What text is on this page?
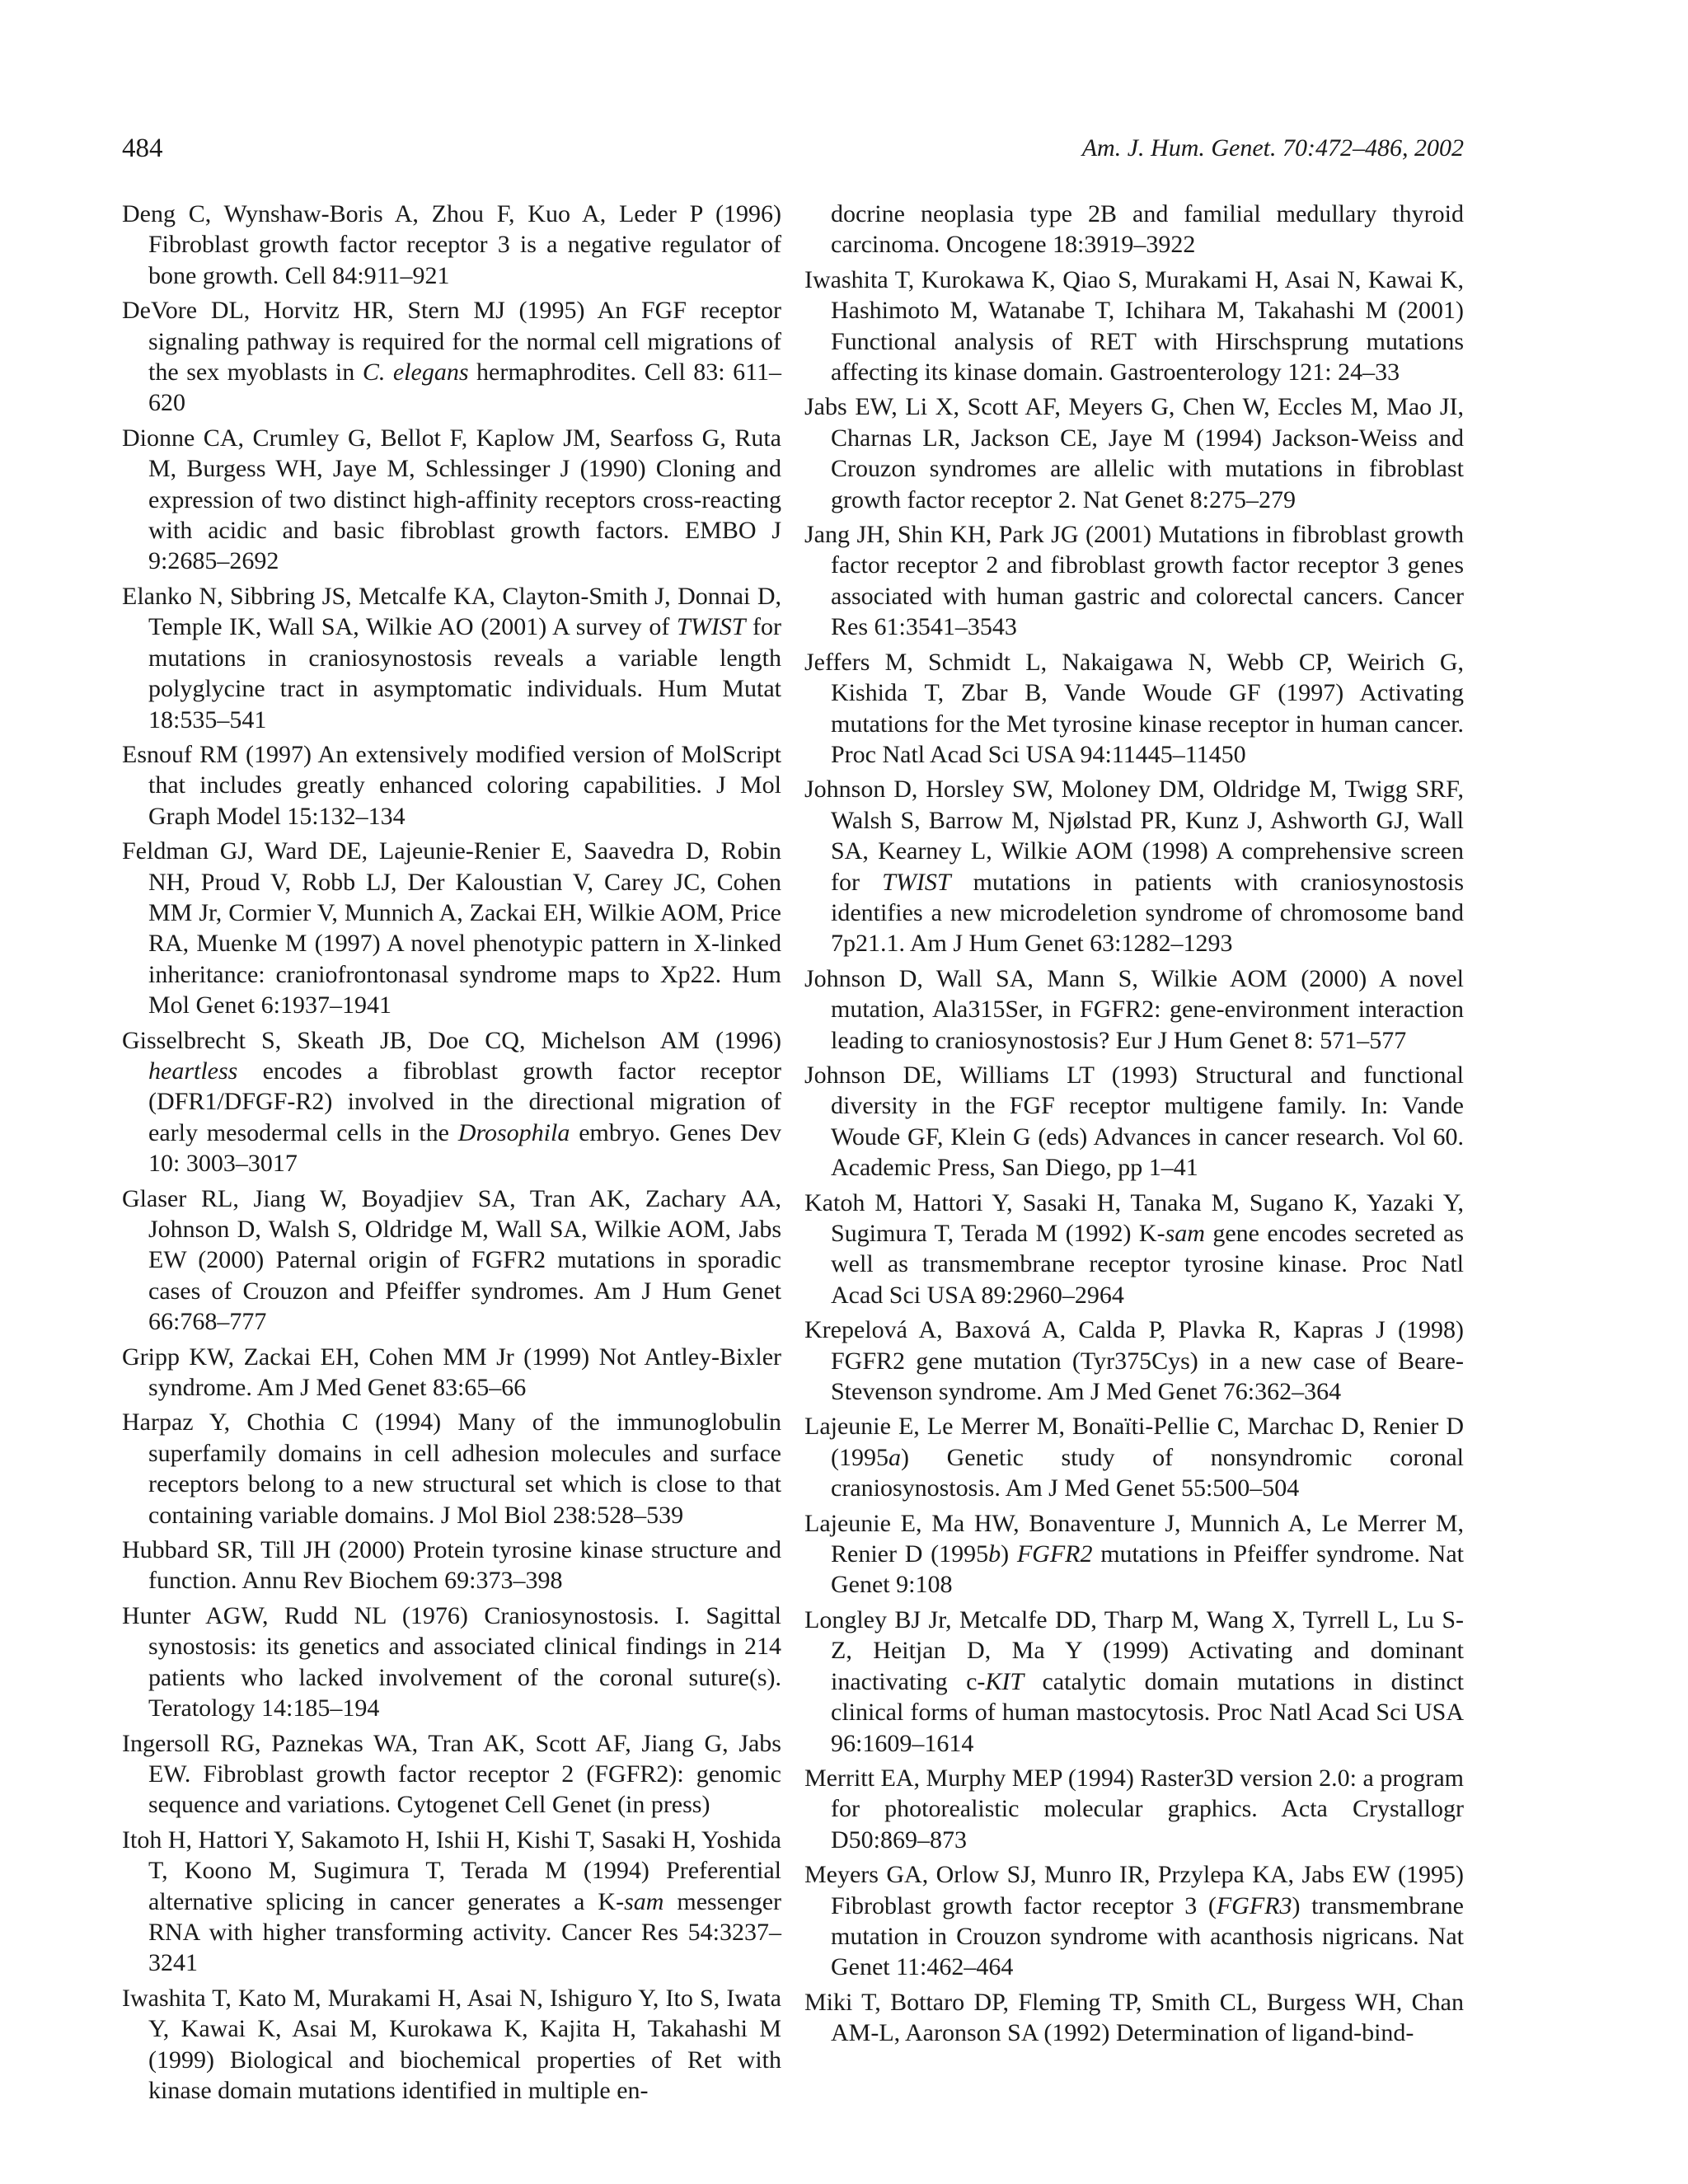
484	Am. J. Hum. Genet. 70:472–486, 2002

Deng C, Wynshaw-Boris A, Zhou F, Kuo A, Leder P (1996) Fibroblast growth factor receptor 3 is a negative regulator of bone growth. Cell 84:911–921

DeVore DL, Horvitz HR, Stern MJ (1995) An FGF receptor signaling pathway is required for the normal cell migrations of the sex myoblasts in C. elegans hermaphrodites. Cell 83: 611–620

Dionne CA, Crumley G, Bellot F, Kaplow JM, Searfoss G, Ruta M, Burgess WH, Jaye M, Schlessinger J (1990) Cloning and expression of two distinct high-affinity receptors cross-reacting with acidic and basic fibroblast growth factors. EMBO J 9:2685–2692

Elanko N, Sibbring JS, Metcalfe KA, Clayton-Smith J, Donnai D, Temple IK, Wall SA, Wilkie AO (2001) A survey of TWIST for mutations in craniosynostosis reveals a variable length polyglycine tract in asymptomatic individuals. Hum Mutat 18:535–541

Esnouf RM (1997) An extensively modified version of MolScript that includes greatly enhanced coloring capabilities. J Mol Graph Model 15:132–134

Feldman GJ, Ward DE, Lajeunie-Renier E, Saavedra D, Robin NH, Proud V, Robb LJ, Der Kaloustian V, Carey JC, Cohen MM Jr, Cormier V, Munnich A, Zackai EH, Wilkie AOM, Price RA, Muenke M (1997) A novel phenotypic pattern in X-linked inheritance: craniofrontonasal syndrome maps to Xp22. Hum Mol Genet 6:1937–1941

Gisselbrecht S, Skeath JB, Doe CQ, Michelson AM (1996) heartless encodes a fibroblast growth factor receptor (DFR1/DFGF-R2) involved in the directional migration of early mesodermal cells in the Drosophila embryo. Genes Dev 10: 3003–3017

Glaser RL, Jiang W, Boyadjiev SA, Tran AK, Zachary AA, Johnson D, Walsh S, Oldridge M, Wall SA, Wilkie AOM, Jabs EW (2000) Paternal origin of FGFR2 mutations in sporadic cases of Crouzon and Pfeiffer syndromes. Am J Hum Genet 66:768–777

Gripp KW, Zackai EH, Cohen MM Jr (1999) Not Antley-Bixler syndrome. Am J Med Genet 83:65–66

Harpaz Y, Chothia C (1994) Many of the immunoglobulin superfamily domains in cell adhesion molecules and surface receptors belong to a new structural set which is close to that containing variable domains. J Mol Biol 238:528–539

Hubbard SR, Till JH (2000) Protein tyrosine kinase structure and function. Annu Rev Biochem 69:373–398

Hunter AGW, Rudd NL (1976) Craniosynostosis. I. Sagittal synostosis: its genetics and associated clinical findings in 214 patients who lacked involvement of the coronal suture(s). Teratology 14:185–194

Ingersoll RG, Paznekas WA, Tran AK, Scott AF, Jiang G, Jabs EW. Fibroblast growth factor receptor 2 (FGFR2): genomic sequence and variations. Cytogenet Cell Genet (in press)

Itoh H, Hattori Y, Sakamoto H, Ishii H, Kishi T, Sasaki H, Yoshida T, Koono M, Sugimura T, Terada M (1994) Preferential alternative splicing in cancer generates a K-sam messenger RNA with higher transforming activity. Cancer Res 54:3237–3241

Iwashita T, Kato M, Murakami H, Asai N, Ishiguro Y, Ito S, Iwata Y, Kawai K, Asai M, Kurokawa K, Kajita H, Takahashi M (1999) Biological and biochemical properties of Ret with kinase domain mutations identified in multiple en-

docrine neoplasia type 2B and familial medullary thyroid carcinoma. Oncogene 18:3919–3922

Iwashita T, Kurokawa K, Qiao S, Murakami H, Asai N, Kawai K, Hashimoto M, Watanabe T, Ichihara M, Takahashi M (2001) Functional analysis of RET with Hirschsprung mutations affecting its kinase domain. Gastroenterology 121: 24–33

Jabs EW, Li X, Scott AF, Meyers G, Chen W, Eccles M, Mao JI, Charnas LR, Jackson CE, Jaye M (1994) Jackson-Weiss and Crouzon syndromes are allelic with mutations in fibroblast growth factor receptor 2. Nat Genet 8:275–279

Jang JH, Shin KH, Park JG (2001) Mutations in fibroblast growth factor receptor 2 and fibroblast growth factor receptor 3 genes associated with human gastric and colorectal cancers. Cancer Res 61:3541–3543

Jeffers M, Schmidt L, Nakaigawa N, Webb CP, Weirich G, Kishida T, Zbar B, Vande Woude GF (1997) Activating mutations for the Met tyrosine kinase receptor in human cancer. Proc Natl Acad Sci USA 94:11445–11450

Johnson D, Horsley SW, Moloney DM, Oldridge M, Twigg SRF, Walsh S, Barrow M, Njølstad PR, Kunz J, Ashworth GJ, Wall SA, Kearney L, Wilkie AOM (1998) A comprehensive screen for TWIST mutations in patients with craniosynostosis identifies a new microdeletion syndrome of chromosome band 7p21.1. Am J Hum Genet 63:1282–1293

Johnson D, Wall SA, Mann S, Wilkie AOM (2000) A novel mutation, Ala315Ser, in FGFR2: gene-environment interaction leading to craniosynostosis? Eur J Hum Genet 8: 571–577

Johnson DE, Williams LT (1993) Structural and functional diversity in the FGF receptor multigene family. In: Vande Woude GF, Klein G (eds) Advances in cancer research. Vol 60. Academic Press, San Diego, pp 1–41

Katoh M, Hattori Y, Sasaki H, Tanaka M, Sugano K, Yazaki Y, Sugimura T, Terada M (1992) K-sam gene encodes secreted as well as transmembrane receptor tyrosine kinase. Proc Natl Acad Sci USA 89:2960–2964

Krepelová A, Baxová A, Calda P, Plavka R, Kapras J (1998) FGFR2 gene mutation (Tyr375Cys) in a new case of Beare-Stevenson syndrome. Am J Med Genet 76:362–364

Lajeunie E, Le Merrer M, Bonaïti-Pellie C, Marchac D, Renier D (1995a) Genetic study of nonsyndromic coronal craniosynostosis. Am J Med Genet 55:500–504

Lajeunie E, Ma HW, Bonaventure J, Munnich A, Le Merrer M, Renier D (1995b) FGFR2 mutations in Pfeiffer syndrome. Nat Genet 9:108

Longley BJ Jr, Metcalfe DD, Tharp M, Wang X, Tyrrell L, Lu S-Z, Heitjan D, Ma Y (1999) Activating and dominant inactivating c-KIT catalytic domain mutations in distinct clinical forms of human mastocytosis. Proc Natl Acad Sci USA 96:1609–1614

Merritt EA, Murphy MEP (1994) Raster3D version 2.0: a program for photorealistic molecular graphics. Acta Crystallogr D50:869–873

Meyers GA, Orlow SJ, Munro IR, Przylepa KA, Jabs EW (1995) Fibroblast growth factor receptor 3 (FGFR3) transmembrane mutation in Crouzon syndrome with acanthosis nigricans. Nat Genet 11:462–464

Miki T, Bottaro DP, Fleming TP, Smith CL, Burgess WH, Chan AM-L, Aaronson SA (1992) Determination of ligand-bind-
